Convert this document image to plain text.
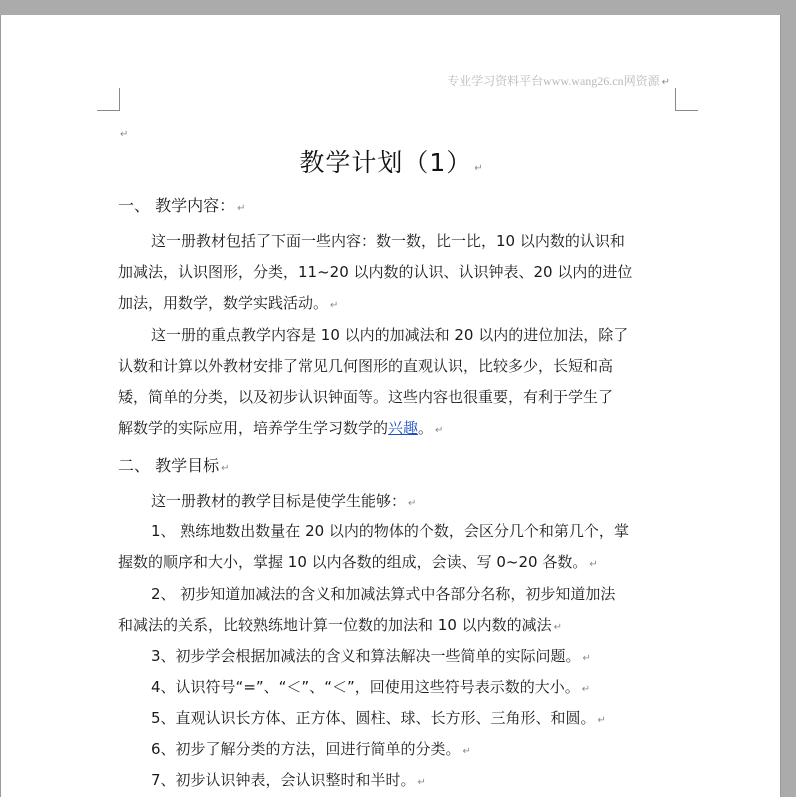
专业学习资料平台www.wang26.cn网资源 ↵
↵
教学计划（1） ↵
一、 教学内容： ↵
这一册教材包括了下面一些内容：数一数，比一比，10 以内数的认识和
加减法，认识图形，分类，11~20 以内数的认识、认识钟表、20 以内的进位
加法，用数学，数学实践活动。 ↵
这一册的重点教学内容是 10 以内的加减法和 20 以内的进位加法，除了
认数和计算以外教材安排了常见几何图形的直观认识，比较多少，长短和高
矮，简单的分类，以及初步认识钟面等。这些内容也很重要，有利于学生了
解数学的实际应用，培养学生学习数学的兴趣。 ↵
二、 教学目标 ↵
这一册教材的教学目标是使学生能够： ↵
1、 熟练地数出数量在 20 以内的物体的个数，会区分几个和第几个，掌
握数的顺序和大小，掌握 10 以内各数的组成，会读、写 0~20 各数。 ↵
2、 初步知道加减法的含义和加减法算式中各部分名称，初步知道加法
和减法的关系，比较熟练地计算一位数的加法和 10 以内数的减法 ↵
3、初步学会根据加减法的含义和算法解决一些简单的实际问题。 ↵
4、认识符号“=”、“＜”、“＜”，回使用这些符号表示数的大小。 ↵
5、直观认识长方体、正方体、圆柱、球、长方形、三角形、和圆。 ↵
6、初步了解分类的方法，回进行简单的分类。 ↵
7、初步认识钟表，会认识整时和半时。 ↵
